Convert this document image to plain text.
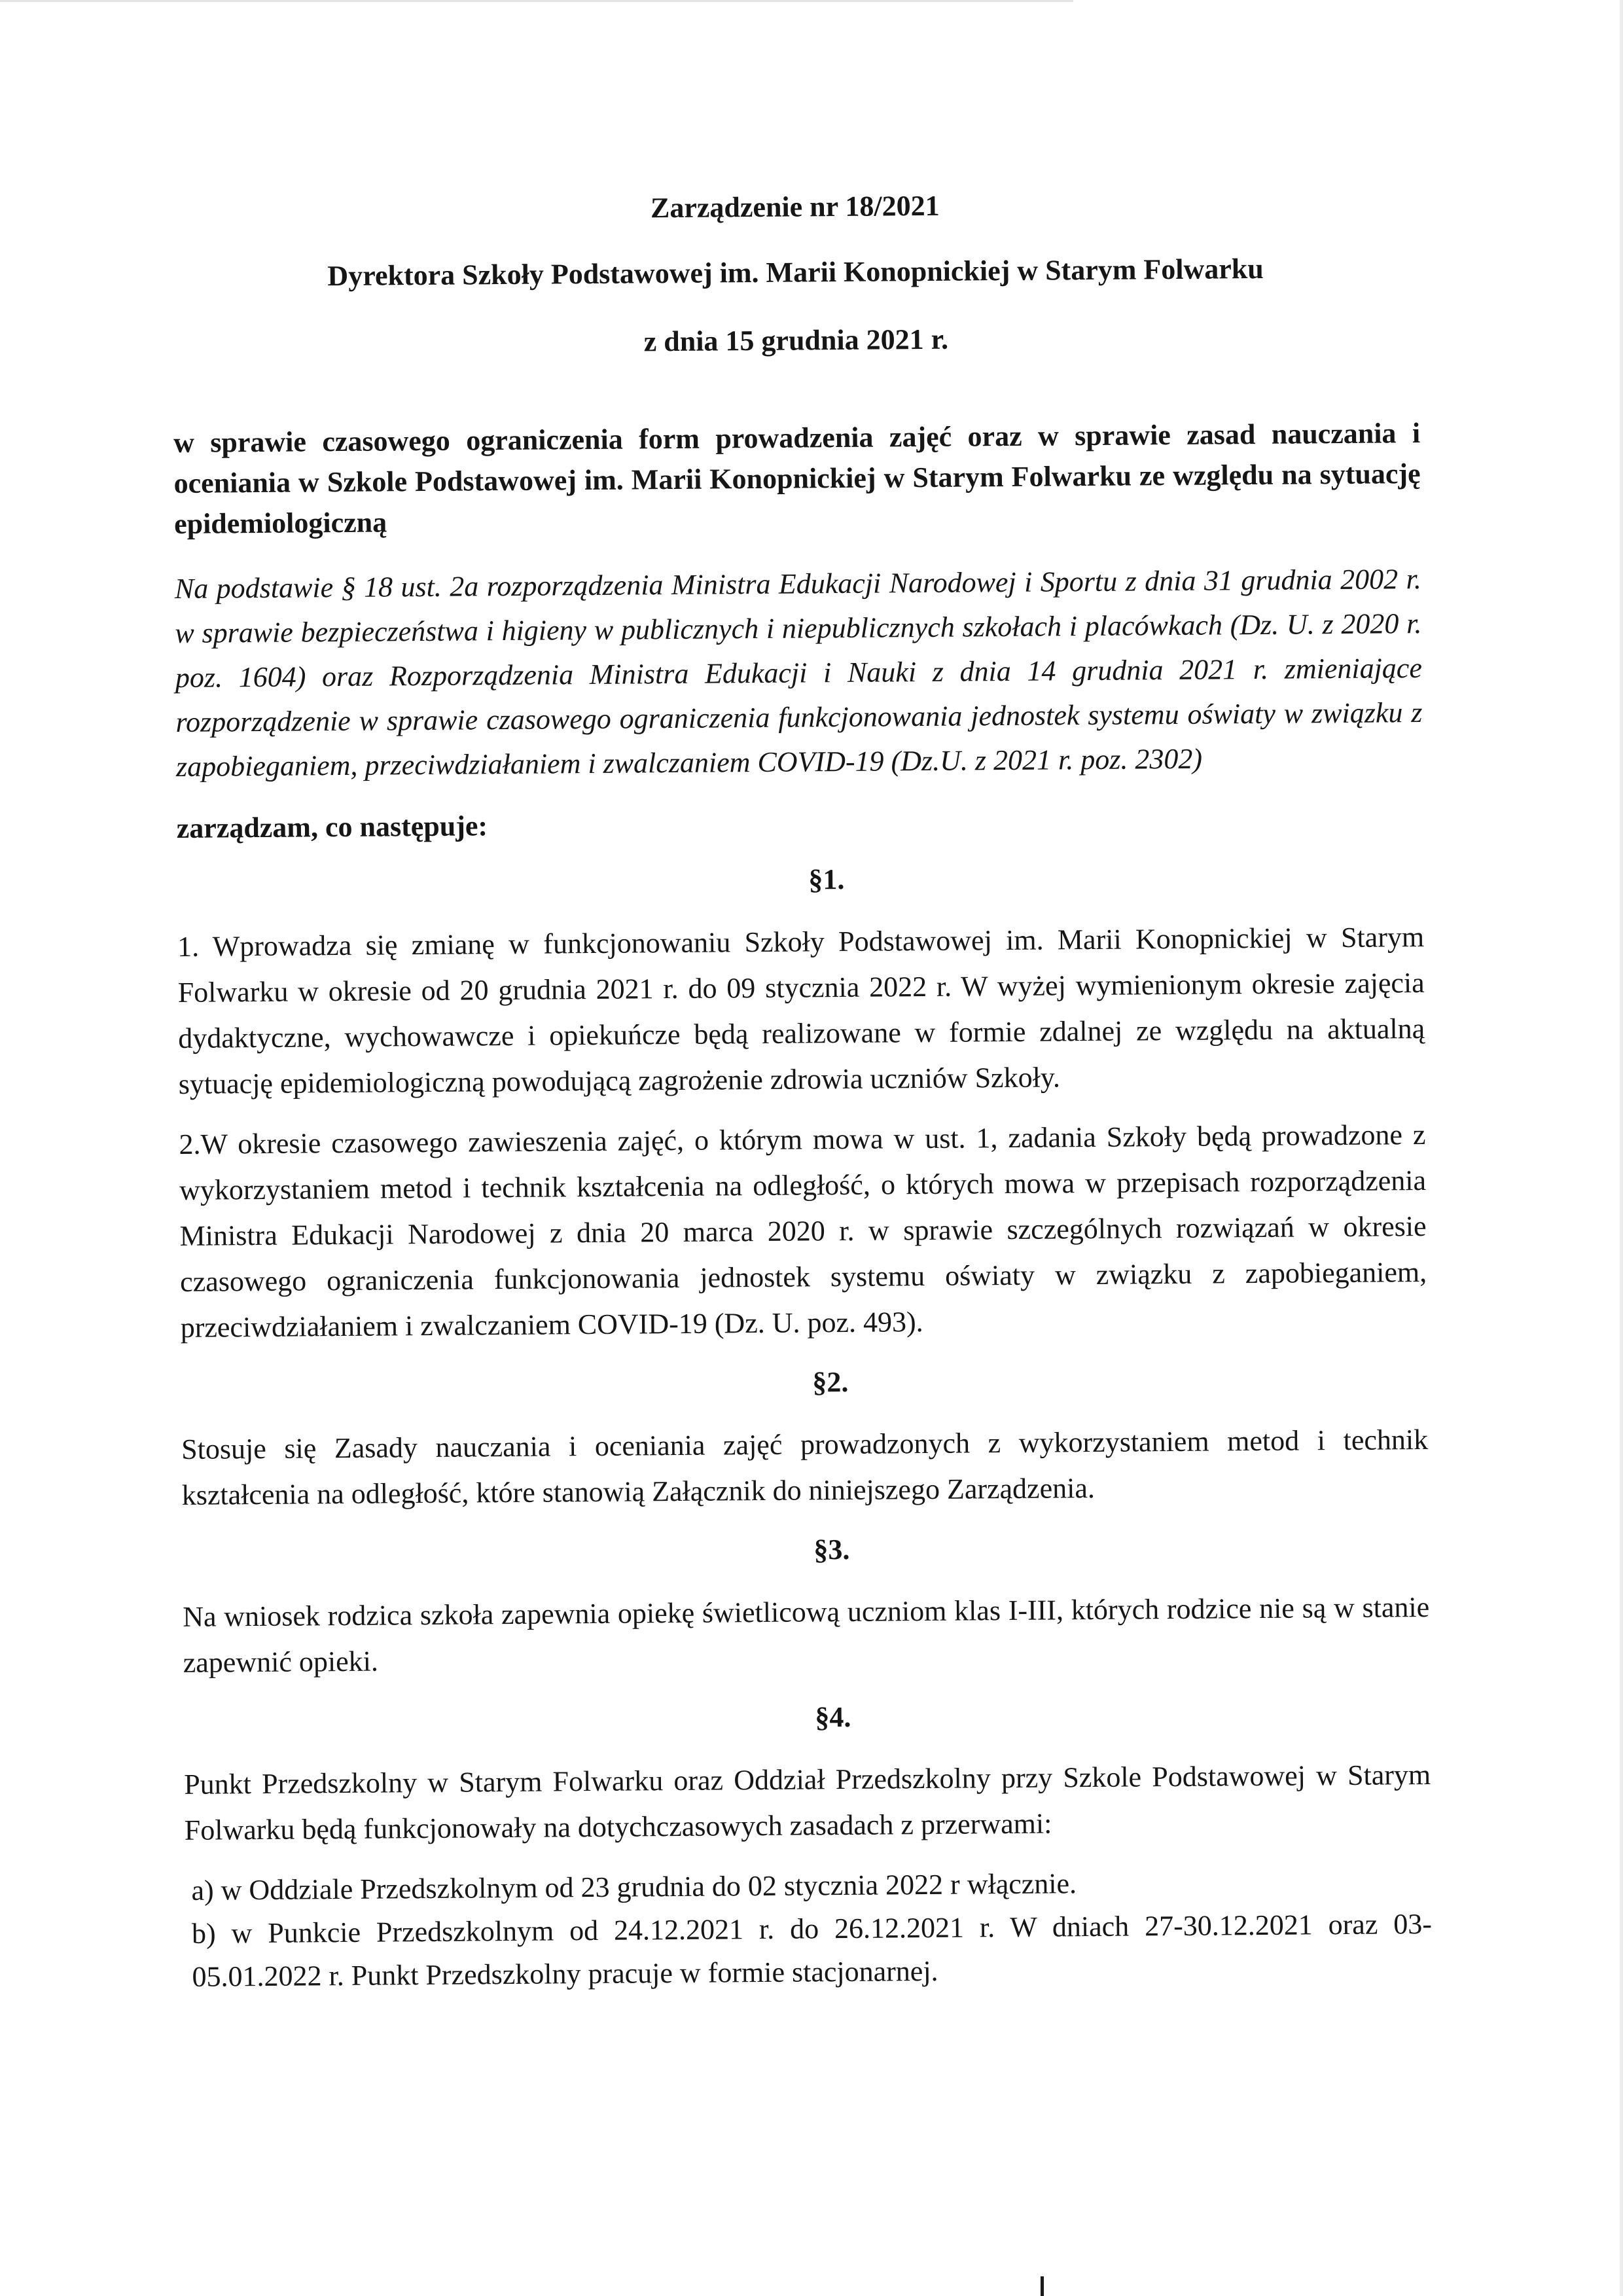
Zarządzenie nr 18/2021
Dyrektora Szkoły Podstawowej im. Marii Konopnickiej w Starym Folwarku
z dnia 15 grudnia 2021 r.
w sprawie czasowego ograniczenia form prowadzenia zajęć oraz w sprawie zasad nauczania i oceniania w Szkole Podstawowej im. Marii Konopnickiej w Starym Folwarku ze względu na sytuację epidemiologiczną
Na podstawie § 18 ust. 2a rozporządzenia Ministra Edukacji Narodowej i Sportu z dnia 31 grudnia 2002 r. w sprawie bezpieczeństwa i higieny w publicznych i niepublicznych szkołach i placówkach (Dz. U. z 2020 r. poz. 1604) oraz Rozporządzenia Ministra Edukacji i Nauki z dnia 14 grudnia 2021 r. zmieniające rozporządzenie w sprawie czasowego ograniczenia funkcjonowania jednostek systemu oświaty w związku z zapobieganiem, przeciwdziałaniem i zwalczaniem COVID-19 (Dz.U. z 2021 r. poz. 2302)
zarządzam, co następuje:
§1.
1. Wprowadza się zmianę w funkcjonowaniu Szkoły Podstawowej im. Marii Konopnickiej w Starym Folwarku w okresie od 20 grudnia 2021 r. do 09 stycznia 2022 r. W wyżej wymienionym okresie zajęcia dydaktyczne, wychowawcze i opiekuńcze będą realizowane w formie zdalnej ze względu na aktualną sytuację epidemiologiczną powodującą zagrożenie zdrowia uczniów Szkoły.
2.W okresie czasowego zawieszenia zajęć, o którym mowa w ust. 1, zadania Szkoły będą prowadzone z wykorzystaniem metod i technik kształcenia na odległość, o których mowa w przepisach rozporządzenia Ministra Edukacji Narodowej z dnia 20 marca 2020 r. w sprawie szczególnych rozwiązań w okresie czasowego ograniczenia funkcjonowania jednostek systemu oświaty w związku z zapobieganiem, przeciwdziałaniem i zwalczaniem COVID-19 (Dz. U. poz. 493).
§2.
Stosuje się Zasady nauczania i oceniania zajęć prowadzonych z wykorzystaniem metod i technik kształcenia na odległość, które stanowią Załącznik do niniejszego Zarządzenia.
§3.
Na wniosek rodzica szkoła zapewnia opiekę świetlicową uczniom klas I-III, których rodzice nie są w stanie zapewnić opieki.
§4.
Punkt Przedszkolny w Starym Folwarku oraz Oddział Przedszkolny przy Szkole Podstawowej w Starym Folwarku będą funkcjonowały na dotychczasowych zasadach z przerwami:
a) w Oddziale Przedszkolnym od 23 grudnia do 02 stycznia 2022 r włącznie.
b) w Punkcie Przedszkolnym od 24.12.2021 r. do 26.12.2021 r. W dniach 27-30.12.2021 oraz 03-05.01.2022 r. Punkt Przedszkolny pracuje w formie stacjonarnej.
